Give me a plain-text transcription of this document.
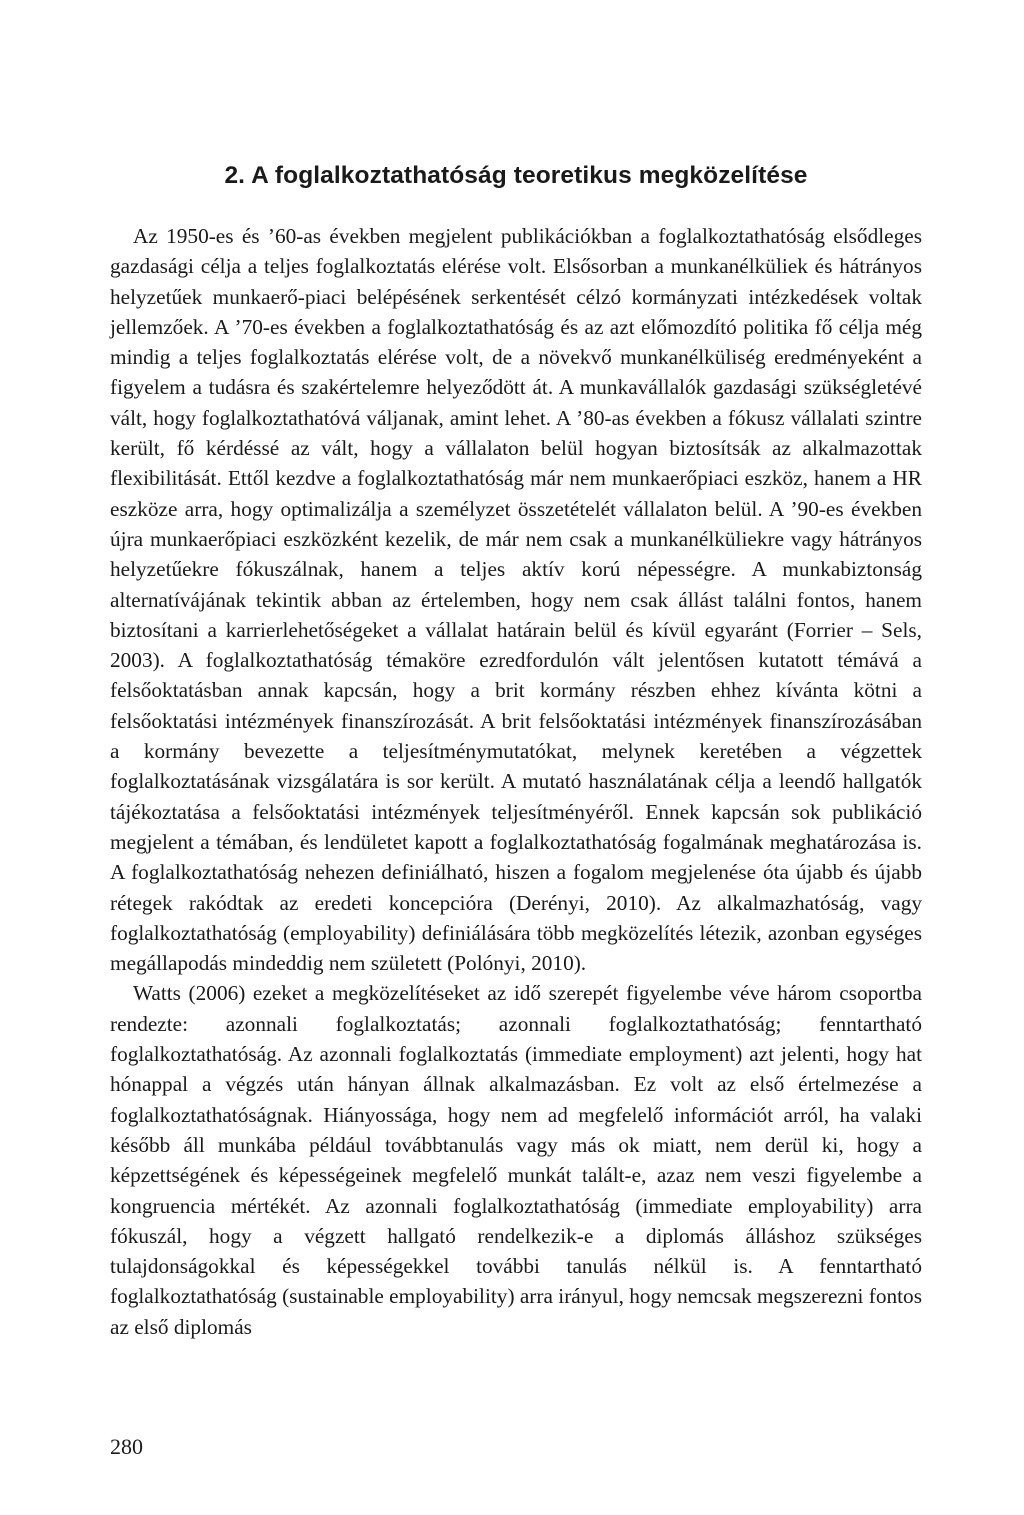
2. A foglalkoztathatóság teoretikus megközelítése

Az 1950-es és ’60-as években megjelent publikációkban a foglalkoztathatóság elsődleges gazdasági célja a teljes foglalkoztatás elérése volt. Elsősorban a munkanélküliek és hátrányos helyzetűek munkaerő-piaci belépésének serkentését célzó kormányzati intézkedések voltak jellemzőek. A ’70-es években a foglalkoztathatóság és az azt előmozdító politika fő célja még mindig a teljes foglalkoztatás elérése volt, de a növekvő munkanélküliség eredményeként a figyelem a tudásra és szakértelemre helyeződött át. A munkavállalók gazdasági szükségletévé vált, hogy foglalkoztathatóvá váljanak, amint lehet. A ’80-as években a fókusz vállalati szintre került, fő kérdéssé az vált, hogy a vállalaton belül hogyan biztosítsák az alkalmazottak flexibilitását. Ettől kezdve a foglalkoztathatóság már nem munkaerőpiaci eszköz, hanem a HR eszköze arra, hogy optimalizálja a személyzet összetételét vállalaton belül. A ’90-es években újra munkaerőpiaci eszközként kezelik, de már nem csak a munkanélküliekre vagy hátrányos helyzetűekre fókuszálnak, hanem a teljes aktív korú népességre. A munkabiztonság alternatívájának tekintik abban az értelemben, hogy nem csak állást találni fontos, hanem biztosítani a karrierlehetőségeket a vállalat határain belül és kívül egyaránt (Forrier – Sels, 2003). A foglalkoztathatóság témaköre ezredfordulón vált jelentősen kutatott témává a felsőoktatásban annak kapcsán, hogy a brit kormány részben ehhez kívánta kötni a felsőoktatási intézmények finanszírozását. A brit felsőoktatási intézmények finanszírozásában a kormány bevezette a teljesítménymutatókat, melynek keretében a végzettek foglalkoztatásának vizsgálatára is sor került. A mutató használatának célja a leendő hallgatók tájékoztatása a felsőoktatási intézmények teljesítményéről. Ennek kapcsán sok publikáció megjelent a témában, és lendületet kapott a foglalkoztathatóság fogalmának meghatározása is. A foglalkoztathatóság nehezen definiálható, hiszen a fogalom megjelenése óta újabb és újabb rétegek rakódtak az eredeti koncepcióra (Derényi, 2010). Az alkalmazhatóság, vagy foglalkoztathatóság (employability) definiálására több megközelítés létezik, azonban egységes megállapodás mindeddig nem született (Polónyi, 2010).

Watts (2006) ezeket a megközelítéseket az idő szerepét figyelembe véve három csoportba rendezte: azonnali foglalkoztatás; azonnali foglalkoztathatóság; fenntartható foglalkoztathatóság. Az azonnali foglalkoztatás (immediate employment) azt jelenti, hogy hat hónappal a végzés után hányan állnak alkalmazásban. Ez volt az első értelmezése a foglalkoztathatóságnak. Hiányossága, hogy nem ad megfelelő információt arról, ha valaki később áll munkába például továbbtanulás vagy más ok miatt, nem derül ki, hogy a képzettségének és képességeinek megfelelő munkát talált-e, azaz nem veszi figyelembe a kongruencia mértékét. Az azonnali foglalkoztathatóság (immediate employability) arra fókuszál, hogy a végzett hallgató rendelkezik-e a diplomás álláshoz szükséges tulajdonságokkal és képességekkel további tanulás nélkül is. A fenntartható foglalkoztathatóság (sustainable employability) arra irányul, hogy nemcsak megszerezni fontos az első diplomás

280
